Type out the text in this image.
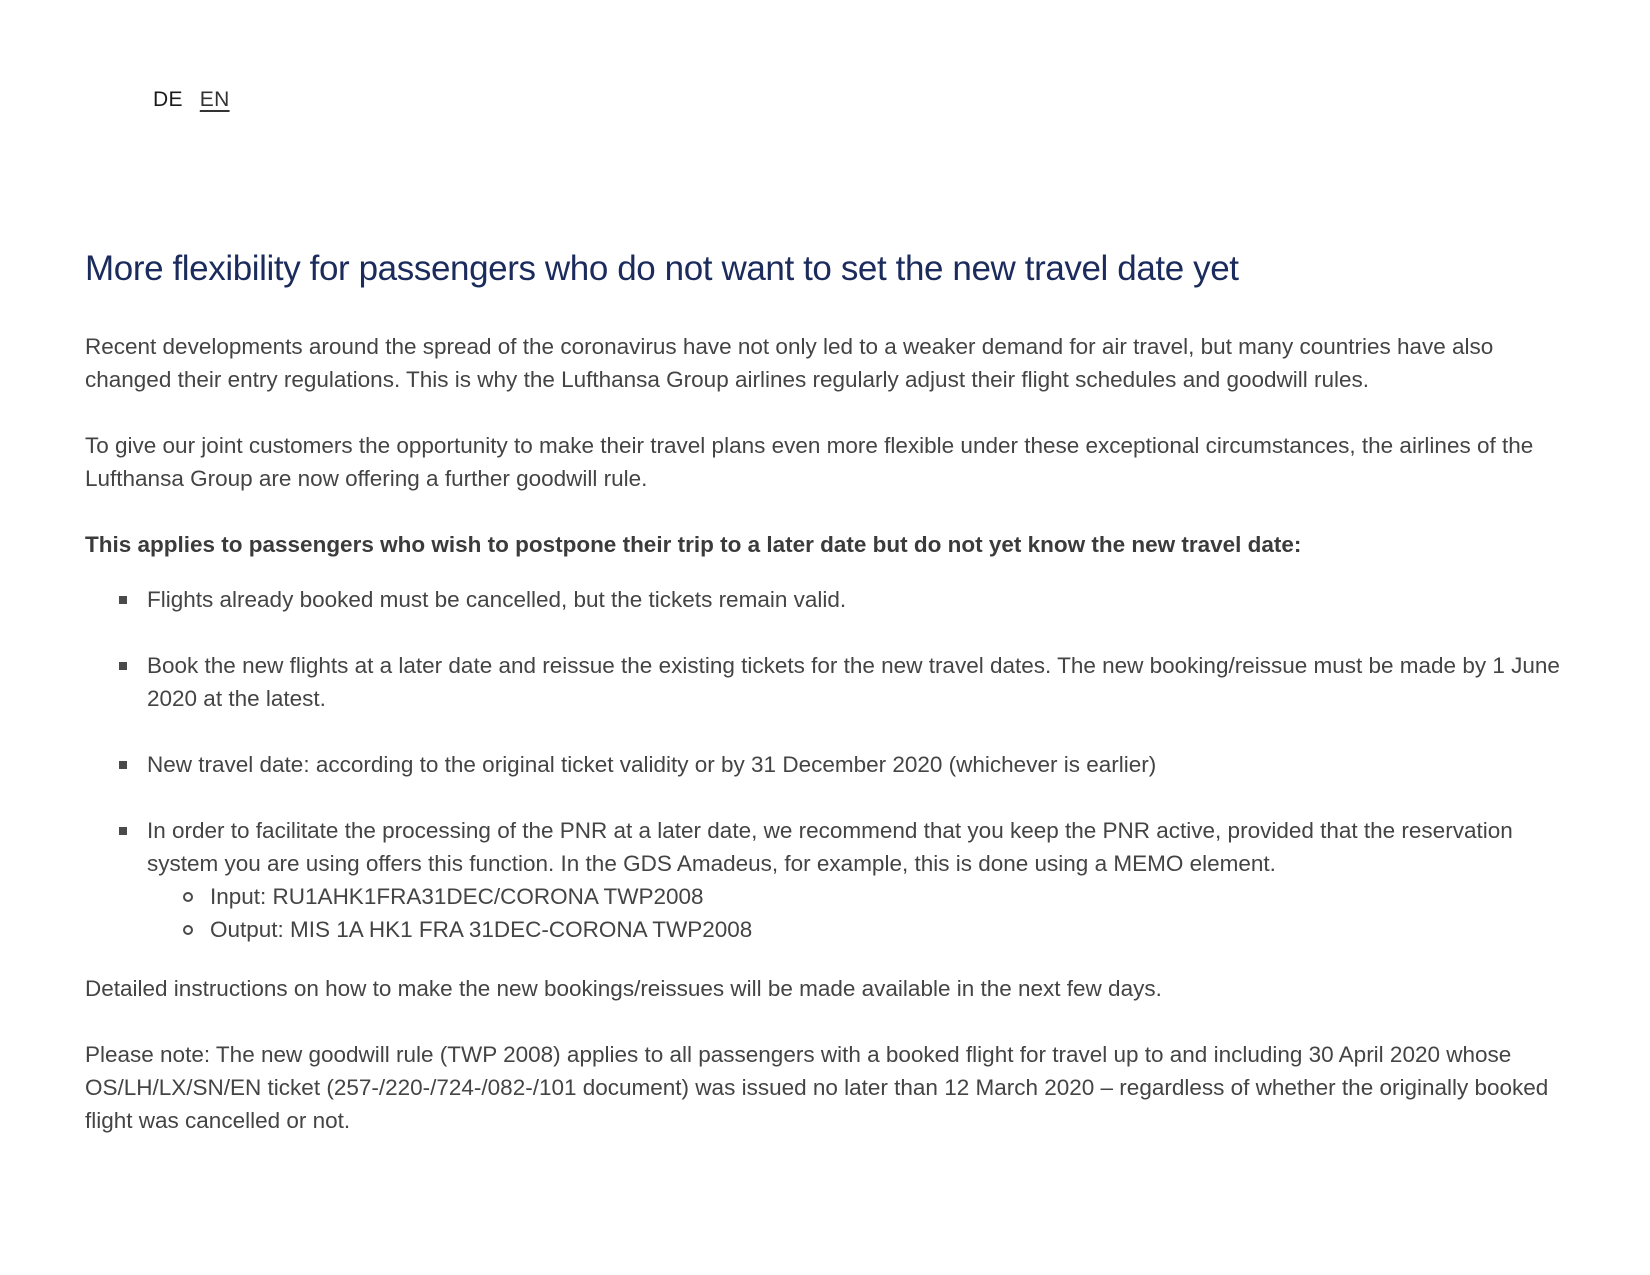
DE EN
More flexibility for passengers who do not want to set the new travel date yet

Recent developments around the spread of the coronavirus have not only led to a weaker demand for air travel, but many countries have also changed their entry regulations. This is why the Lufthansa Group airlines regularly adjust their flight schedules and goodwill rules.

To give our joint customers the opportunity to make their travel plans even more flexible under these exceptional circumstances, the airlines of the Lufthansa Group are now offering a further goodwill rule.

This applies to passengers who wish to postpone their trip to a later date but do not yet know the new travel date:

Flights already booked must be cancelled, but the tickets remain valid.
Book the new flights at a later date and reissue the existing tickets for the new travel dates. The new booking/reissue must be made by 1 June 2020 at the latest.
New travel date: according to the original ticket validity or by 31 December 2020 (whichever is earlier)
In order to facilitate the processing of the PNR at a later date, we recommend that you keep the PNR active, provided that the reservation system you are using offers this function. In the GDS Amadeus, for example, this is done using a MEMO element.
Input: RU1AHK1FRA31DEC/CORONA TWP2008
Output: MIS 1A HK1 FRA 31DEC-CORONA TWP2008

Detailed instructions on how to make the new bookings/reissues will be made available in the next few days.

Please note: The new goodwill rule (TWP 2008) applies to all passengers with a booked flight for travel up to and including 30 April 2020 whose OS/LH/LX/SN/EN ticket (257-/220-/724-/082-/101 document) was issued no later than 12 March 2020 – regardless of whether the originally booked flight was cancelled or not.
